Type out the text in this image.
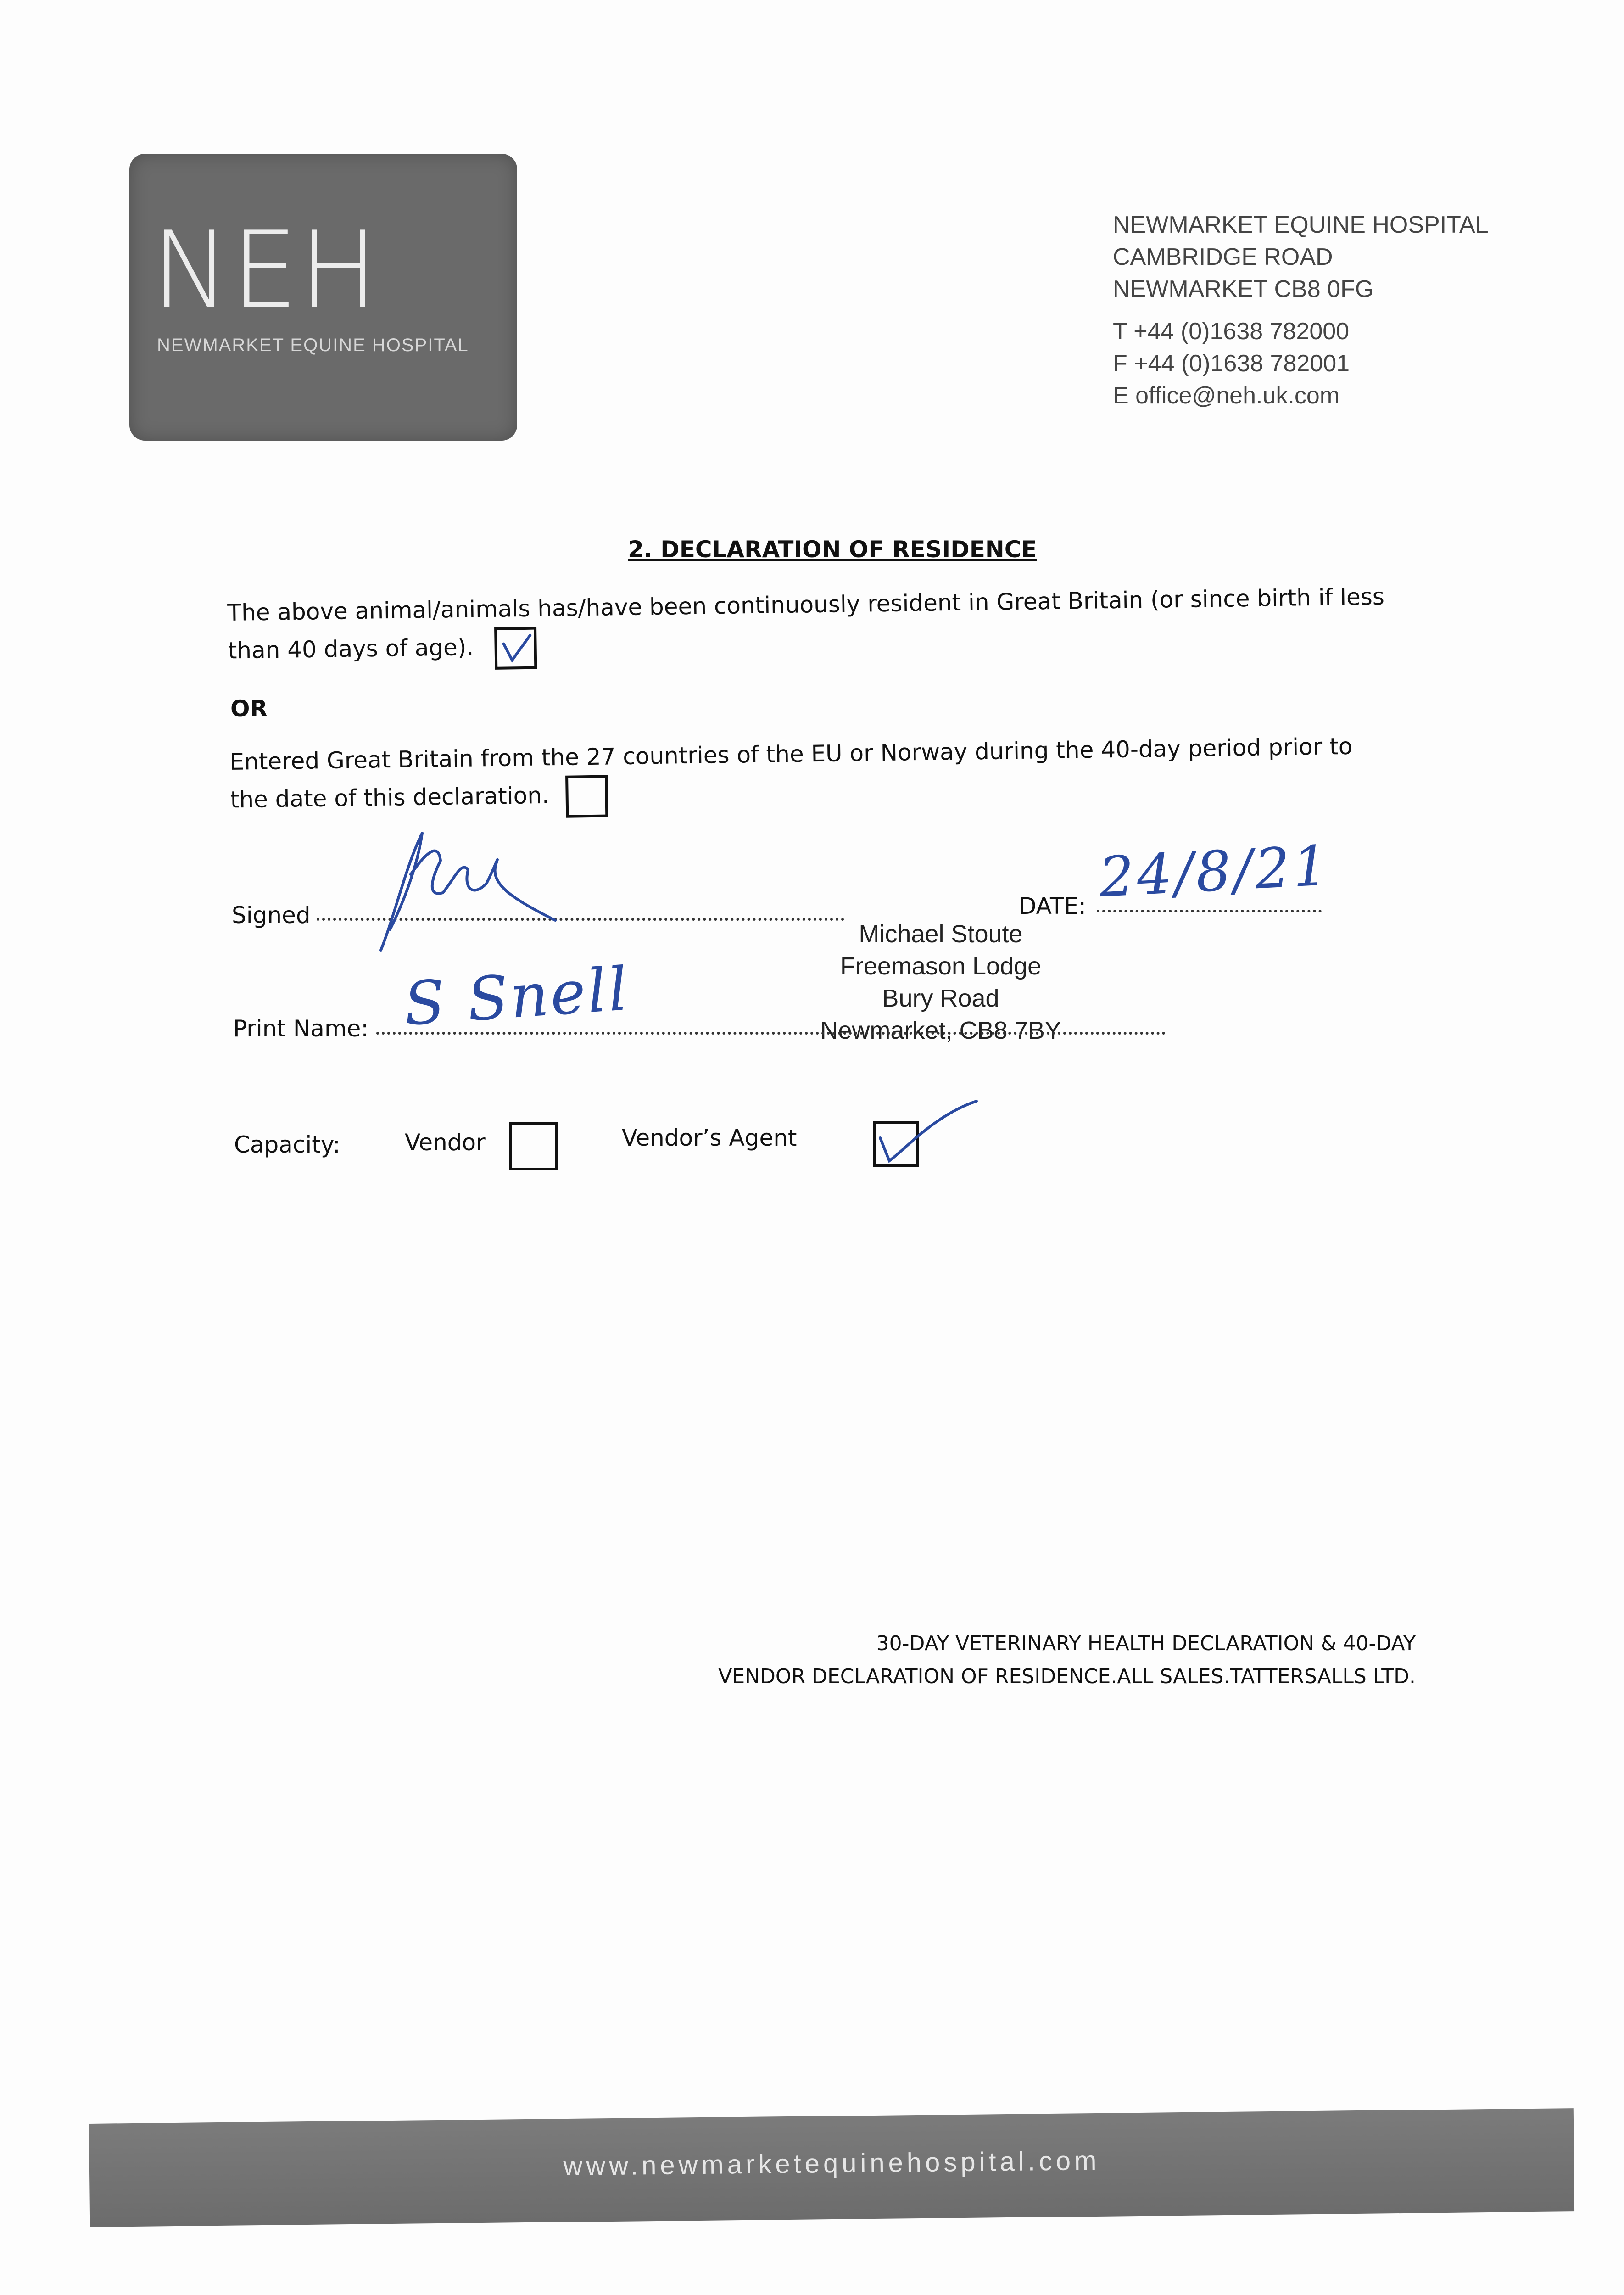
NEH
NEWMARKET EQUINE HOSPITAL
NEWMARKET EQUINE HOSPITAL
CAMBRIDGE ROAD
NEWMARKET CB8 0FG
T +44 (0)1638 782000
F +44 (0)1638 782001
E office@neh.uk.com
2. DECLARATION OF RESIDENCE
The above animal/animals has/have been continuously resident in Great Britain (or since birth if less
than 40 days of age).
OR
Entered Great Britain from the 27 countries of the EU or Norway during the 40-day period prior to
the date of this declaration.
Signed	DATE: 24/8/21
Michael Stoute
Freemason Lodge
Bury Road
Newmarket, CB8 7BY
Print Name: S Snell
Capacity:	Vendor
	Vendor’s Agent
30-DAY VETERINARY HEALTH DECLARATION & 40-DAY
VENDOR DECLARATION OF RESIDENCE.ALL SALES.TATTERSALLS LTD.
www.newmarketequinehospital.com
